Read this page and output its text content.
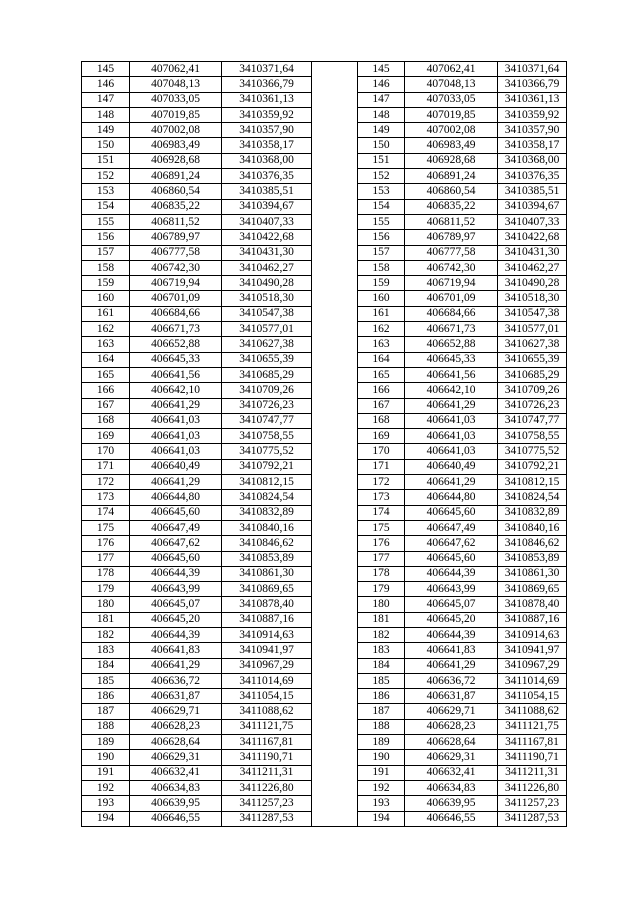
145	407062,41	3410371,64		145	407062,41	3410371,64
146	407048,13	3410366,79		146	407048,13	3410366,79
147	407033,05	3410361,13		147	407033,05	3410361,13
148	407019,85	3410359,92		148	407019,85	3410359,92
149	407002,08	3410357,90		149	407002,08	3410357,90
150	406983,49	3410358,17		150	406983,49	3410358,17
151	406928,68	3410368,00		151	406928,68	3410368,00
152	406891,24	3410376,35		152	406891,24	3410376,35
153	406860,54	3410385,51		153	406860,54	3410385,51
154	406835,22	3410394,67		154	406835,22	3410394,67
155	406811,52	3410407,33		155	406811,52	3410407,33
156	406789,97	3410422,68		156	406789,97	3410422,68
157	406777,58	3410431,30		157	406777,58	3410431,30
158	406742,30	3410462,27		158	406742,30	3410462,27
159	406719,94	3410490,28		159	406719,94	3410490,28
160	406701,09	3410518,30		160	406701,09	3410518,30
161	406684,66	3410547,38		161	406684,66	3410547,38
162	406671,73	3410577,01		162	406671,73	3410577,01
163	406652,88	3410627,38		163	406652,88	3410627,38
164	406645,33	3410655,39		164	406645,33	3410655,39
165	406641,56	3410685,29		165	406641,56	3410685,29
166	406642,10	3410709,26		166	406642,10	3410709,26
167	406641,29	3410726,23		167	406641,29	3410726,23
168	406641,03	3410747,77		168	406641,03	3410747,77
169	406641,03	3410758,55		169	406641,03	3410758,55
170	406641,03	3410775,52		170	406641,03	3410775,52
171	406640,49	3410792,21		171	406640,49	3410792,21
172	406641,29	3410812,15		172	406641,29	3410812,15
173	406644,80	3410824,54		173	406644,80	3410824,54
174	406645,60	3410832,89		174	406645,60	3410832,89
175	406647,49	3410840,16		175	406647,49	3410840,16
176	406647,62	3410846,62		176	406647,62	3410846,62
177	406645,60	3410853,89		177	406645,60	3410853,89
178	406644,39	3410861,30		178	406644,39	3410861,30
179	406643,99	3410869,65		179	406643,99	3410869,65
180	406645,07	3410878,40		180	406645,07	3410878,40
181	406645,20	3410887,16		181	406645,20	3410887,16
182	406644,39	3410914,63		182	406644,39	3410914,63
183	406641,83	3410941,97		183	406641,83	3410941,97
184	406641,29	3410967,29		184	406641,29	3410967,29
185	406636,72	3411014,69		185	406636,72	3411014,69
186	406631,87	3411054,15		186	406631,87	3411054,15
187	406629,71	3411088,62		187	406629,71	3411088,62
188	406628,23	3411121,75		188	406628,23	3411121,75
189	406628,64	3411167,81		189	406628,64	3411167,81
190	406629,31	3411190,71		190	406629,31	3411190,71
191	406632,41	3411211,31		191	406632,41	3411211,31
192	406634,83	3411226,80		192	406634,83	3411226,80
193	406639,95	3411257,23		193	406639,95	3411257,23
194	406646,55	3411287,53		194	406646,55	3411287,53
